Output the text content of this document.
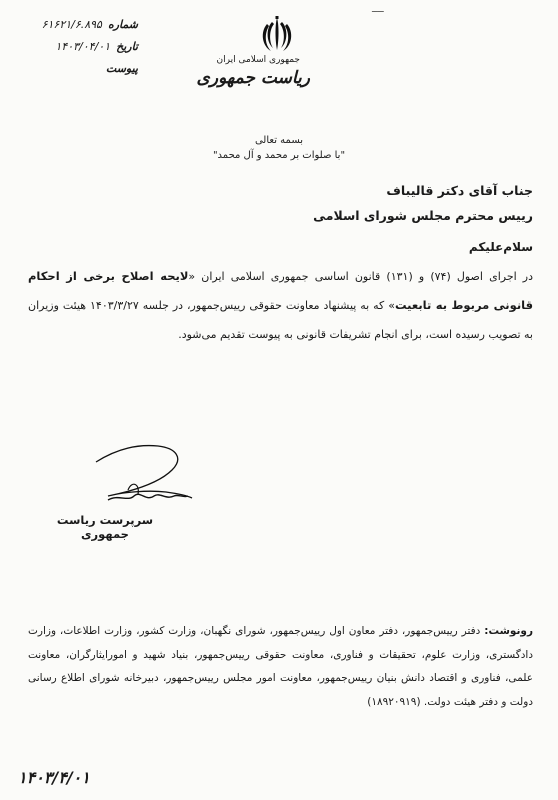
۶۱۶۲۱/۶.۸۹۵ شماره
۱۴۰۳/۰۴/۰۱ تاریخ
پیوست
ــــ
جمهوری اسلامی ایران
ریاست جمهوری
بسمه تعالی
"با صلوات بر محمد و آل محمد"
جناب آقای دکتر قالیباف
رییس محترم مجلس شورای اسلامی
سلام‌علیکم
در اجرای اصول (۷۴) و (۱۳۱) قانون اساسی جمهوری اسلامی ایران «لایحه اصلاح برخی از احکام قانونی مربوط به تابعیت» که به پیشنهاد معاونت حقوقی رییس‌جمهور، در جلسه ۱۴۰۳/۳/۲۷ هیئت وزیران به تصویب رسیده است، برای انجام تشریفات قانونی به پیوست تقدیم می‌شود.
سرپرست ریاست جمهوری
رونوشت: دفتر رییس‌جمهور، دفتر معاون اول رییس‌جمهور، شورای نگهبان، وزارت کشور، وزارت اطلاعات، وزارت دادگستری، وزارت علوم، تحقیقات و فناوری، معاونت حقوقی رییس‌جمهور، بنیاد شهید و امورایثارگران، معاونت علمی، فناوری و اقتصاد دانش بنیان رییس‌جمهور، معاونت امور مجلس رییس‌جمهور، دبیرخانه شورای اطلاع رسانی دولت و دفتر هیئت دولت. (۱۸۹۲۰۹۱۹)
۱۴۰۳/۴/۰۱
